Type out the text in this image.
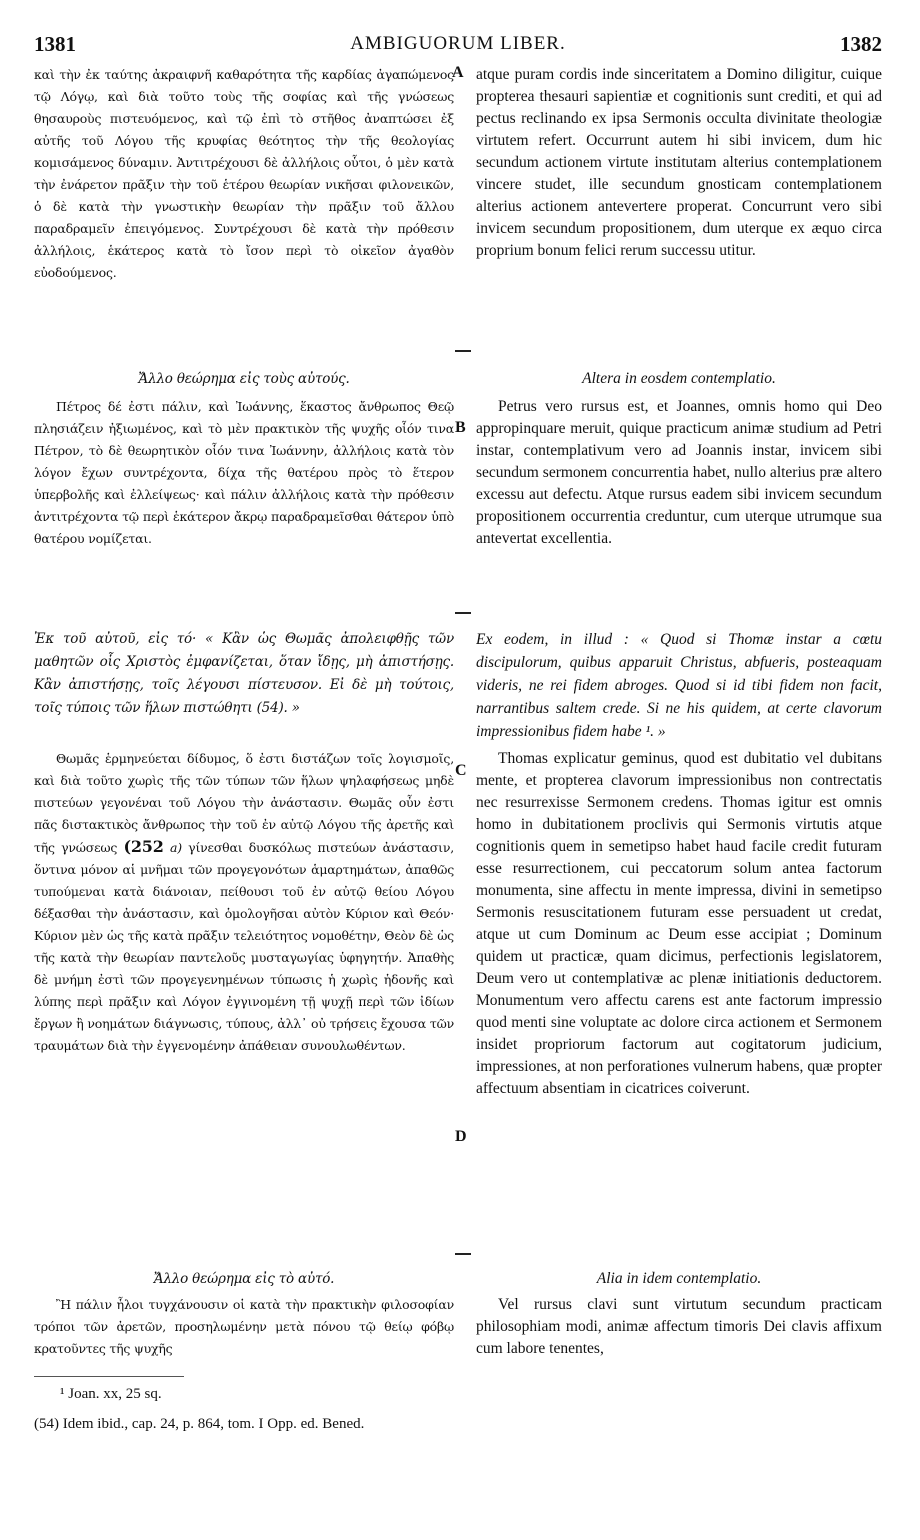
1381	AMBIGUORUM LIBER.	1382
A
B
C
D
καὶ τὴν ἐκ ταύτης ἀκραιφνῆ καθαρότητα τῆς καρδίας ἀγαπώμενος τῷ Λόγῳ, καὶ διὰ τοῦτο τοὺς τῆς σοφίας καὶ τῆς γνώσεως θησαυροὺς πιστευόμενος, καὶ τῷ ἐπὶ τὸ στῆθος ἀναπτώσει ἐξ αὐτῆς τοῦ Λόγου τῆς κρυφίας θεότητος τὴν τῆς θεολογίας κομισάμενος δύναμιν. Ἀντιτρέχουσι δὲ ἀλλήλοις οὗτοι, ὁ μὲν κατὰ τὴν ἐνάρετον πρᾶξιν τὴν τοῦ ἑτέρου θεωρίαν νικῆσαι φιλονεικῶν, ὁ δὲ κατὰ τὴν γνωστικὴν θεωρίαν τὴν πρᾶξιν τοῦ ἄλλου παραδραμεῖν ἐπειγόμενος. Συντρέχουσι δὲ κατὰ τὴν πρόθεσιν ἀλλήλοις, ἑκάτερος κατὰ τὸ ἴσον περὶ τὸ οἰκεῖον ἀγαθὸν εὐοδούμενος.
Ἄλλο θεώρημα εἰς τοὺς αὐτούς.
Πέτρος δέ ἐστι πάλιν, καὶ Ἰωάννης, ἕκαστος ἄνθρωπος Θεῷ πλησιάζειν ἠξιωμένος, καὶ τὸ μὲν πρακτικὸν τῆς ψυχῆς οἷόν τινα Πέτρον, τὸ δὲ θεωρητικὸν οἷόν τινα Ἰωάννην, ἀλλήλοις κατὰ τὸν λόγον ἔχων συντρέχοντα, δίχα τῆς θατέρου πρὸς τὸ ἕτερον ὑπερβολῆς καὶ ἐλλείψεως· καὶ πάλιν ἀλλήλοις κατὰ τὴν πρόθεσιν ἀντιτρέχοντα τῷ περὶ ἑκάτερον ἄκρῳ παραδραμεῖσθαι θάτερον ὑπὸ θατέρου νομίζεται.
Ἐκ τοῦ αὐτοῦ, εἰς τό· « Κἂν ὡς Θωμᾶς ἀπολειφθῇς τῶν μαθητῶν οἷς Χριστὸς ἐμφανίζεται, ὅταν ἴδῃς, μὴ ἀπιστήσῃς. Κἂν ἀπιστήσῃς, τοῖς λέγουσι πίστευσον. Εἰ δὲ μὴ τούτοις, τοῖς τύποις τῶν ἥλων πιστώθητι (54). »
Θωμᾶς ἑρμηνεύεται δίδυμος, ὅ ἐστι διστάζων τοῖς λογισμοῖς, καὶ διὰ τοῦτο χωρὶς τῆς τῶν τύπων τῶν ἥλων ψηλαφήσεως μηδὲ πιστεύων γεγονέναι τοῦ Λόγου τὴν ἀνάστασιν. Θωμᾶς οὖν ἐστι πᾶς διστακτικὸς ἄνθρωπος τὴν τοῦ ἐν αὐτῷ Λόγου τῆς ἀρετῆς καὶ τῆς γνώσεως (252 a) γίνεσθαι δυσκόλως πιστεύων ἀνάστασιν, ὅντινα μόνον αἱ μνῆμαι τῶν προγεγονότων ἁμαρτημάτων, ἀπαθῶς τυπούμεναι κατὰ διάνοιαν, πείθουσι τοῦ ἐν αὐτῷ θείου Λόγου δέξασθαι τὴν ἀνάστασιν, καὶ ὁμολογῆσαι αὐτὸν Κύριον καὶ Θεόν· Κύριον μὲν ὡς τῆς κατὰ πρᾶξιν τελειότητος νομοθέτην, Θεὸν δὲ ὡς τῆς κατὰ τὴν θεωρίαν παντελοῦς μυσταγωγίας ὑφηγητήν. Ἀπαθὴς δὲ μνήμη ἐστὶ τῶν προγεγενημένων τύπωσις ἡ χωρὶς ἡδονῆς καὶ λύπης περὶ πρᾶξιν καὶ Λόγον ἐγγινομένη τῇ ψυχῇ περὶ τῶν ἰδίων ἔργων ἢ νοημάτων διάγνωσις, τύπους, ἀλλ᾽ οὐ τρήσεις ἔχουσα τῶν τραυμάτων διὰ τὴν ἐγγενομένην ἀπάθειαν συνουλωθέντων.
Ἄλλο θεώρημα εἰς τὸ αὐτό.
Ἢ πάλιν ἧλοι τυγχάνουσιν οἱ κατὰ τὴν πρακτικὴν φιλοσοφίαν τρόποι τῶν ἀρετῶν, προσηλωμένην μετὰ πόνου τῷ θείῳ φόβῳ κρατοῦντες τῆς ψυχῆς
atque puram cordis inde sinceritatem a Domino diligitur, cuique propterea thesauri sapientiæ et cognitionis sunt crediti, et qui ad pectus reclinando ex ipsa Sermonis occulta divinitate theologiæ virtutem refert. Occurrunt autem hi sibi invicem, dum hic secundum actionem virtute institutam alterius contemplationem vincere studet, ille secundum gnosticam contemplationem alterius actionem antevertere properat. Concurrunt vero sibi invicem secundum propositionem, dum uterque ex æquo circa proprium bonum felici rerum successu utitur.
Altera in eosdem contemplatio.
Petrus vero rursus est, et Joannes, omnis homo qui Deo appropinquare meruit, quique practicum animæ studium ad Petri instar, contemplativum vero ad Joannis instar, invicem sibi secundum sermonem concurrentia habet, nullo alterius præ altero excessu aut defectu. Atque rursus eadem sibi invicem secundum propositionem occurrentia creduntur, cum uterque utrumque sua antevertat excellentia.
Ex eodem, in illud : « Quod si Thomæ instar a cœtu discipulorum, quibus apparuit Christus, abfueris, posteaquam videris, ne rei fidem abroges. Quod si id tibi fidem non facit, narrantibus saltem crede. Si ne his quidem, at certe clavorum impressionibus fidem habe ¹. »
Thomas explicatur geminus, quod est dubitatio vel dubitans mente, et propterea clavorum impressionibus non contrectatis nec resurrexisse Sermonem credens. Thomas igitur est omnis homo in dubitationem proclivis qui Sermonis virtutis atque cognitionis quem in semetipso habet haud facile credit futuram esse resurrectionem, cui peccatorum solum antea factorum monumenta, sine affectu in mente impressa, divini in semetipso Sermonis resuscitationem futuram esse persuadent ut credat, atque ut cum Dominum ac Deum esse accipiat ; Dominum quidem ut practicæ, quam dicimus, perfectionis legislatorem, Deum vero ut contemplativæ ac plenæ initiationis deductorem. Monumentum vero affectu carens est ante factorum impressio quod menti sine voluptate ac dolore circa actionem et Sermonem insidet propriorum factorum aut cogitatorum judicium, impressiones, at non perforationes vulnerum habens, quæ propter affectuum absentiam in cicatrices coiverunt.
Alia in idem contemplatio.
Vel rursus clavi sunt virtutum secundum practicam philosophiam modi, animæ affectum timoris Dei clavis affixum cum labore tenentes,
¹ Joan. xx, 25 sq.
(54) Idem ibid., cap. 24, p. 864, tom. I Opp. ed. Bened.
